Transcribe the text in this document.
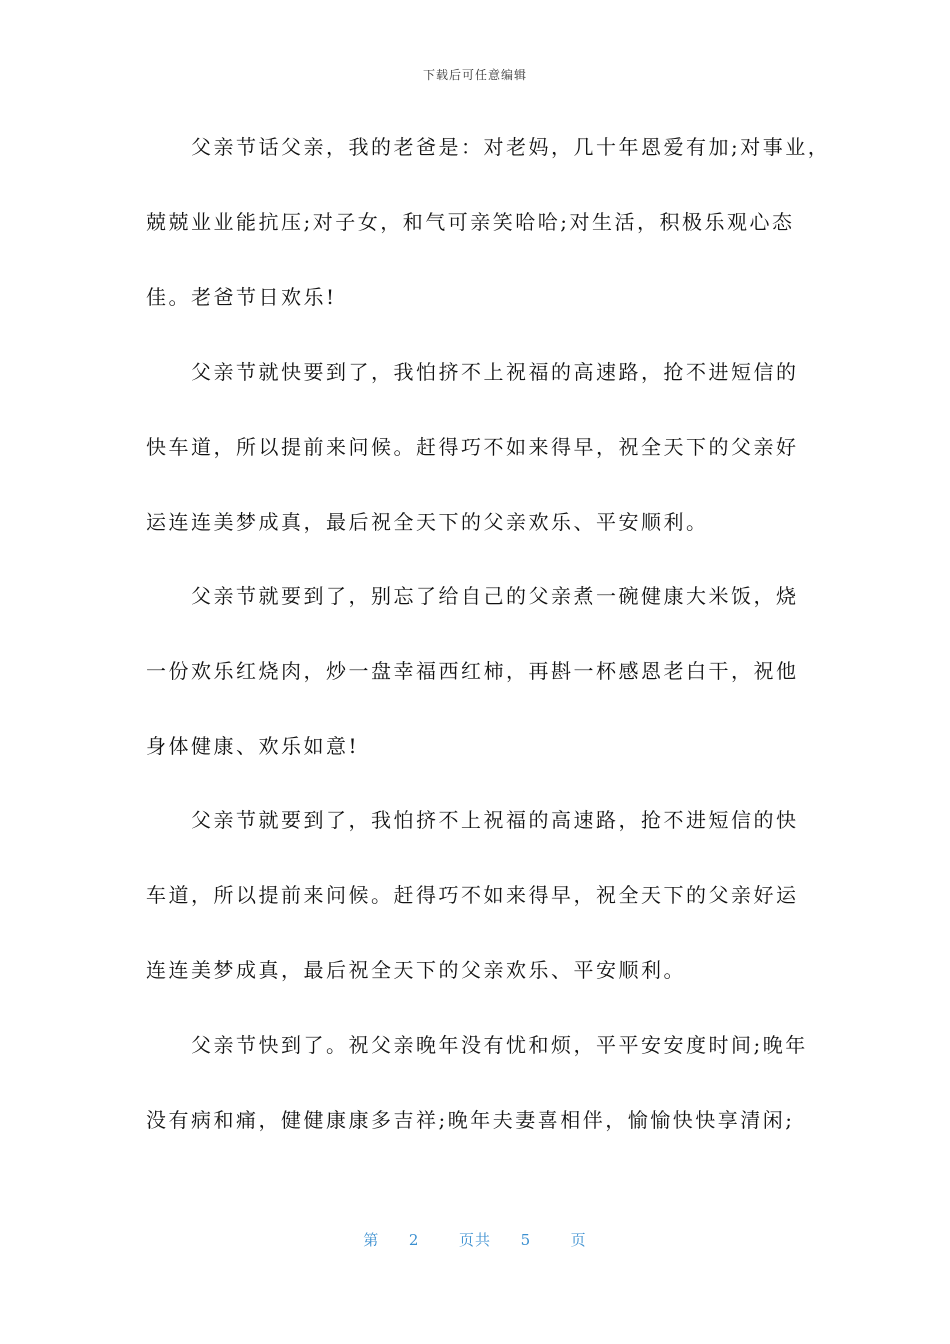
下载后可任意编辑
　　父亲节话父亲，我的老爸是：对老妈，几十年恩爱有加;对事业，
兢兢业业能抗压;对子女，和气可亲笑哈哈;对生活，积极乐观心态
佳。老爸节日欢乐!
　　父亲节就快要到了，我怕挤不上祝福的高速路，抢不进短信的
快车道，所以提前来问候。赶得巧不如来得早，祝全天下的父亲好
运连连美梦成真，最后祝全天下的父亲欢乐、平安顺利。
　　父亲节就要到了，别忘了给自己的父亲煮一碗健康大米饭，烧
一份欢乐红烧肉，炒一盘幸福西红柿，再斟一杯感恩老白干，祝他
身体健康、欢乐如意!
　　父亲节就要到了，我怕挤不上祝福的高速路，抢不进短信的快
车道，所以提前来问候。赶得巧不如来得早，祝全天下的父亲好运
连连美梦成真，最后祝全天下的父亲欢乐、平安顺利。
　　父亲节快到了。祝父亲晚年没有忧和烦，平平安安度时间;晚年
没有病和痛，健健康康多吉祥;晚年夫妻喜相伴，愉愉快快享清闲;
第 2	页共 5	页
